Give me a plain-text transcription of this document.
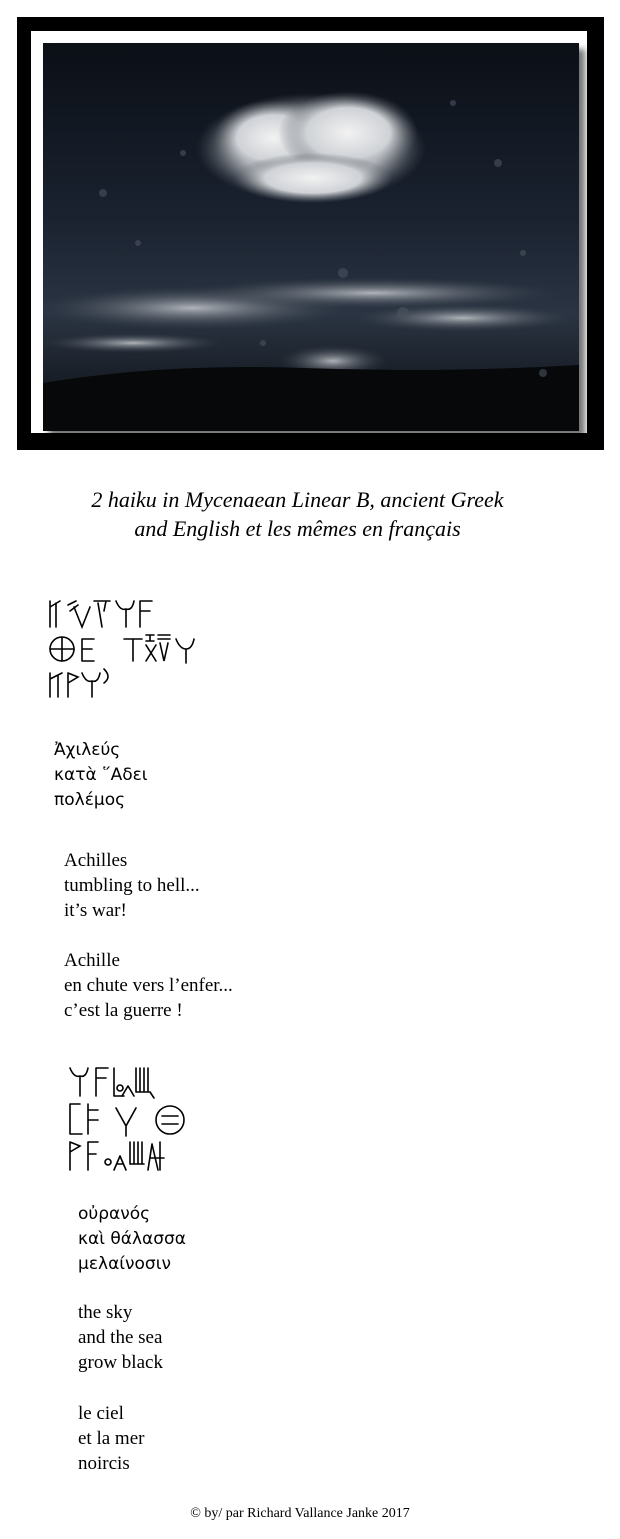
2 haiku in Mycenaean Linear B, ancient Greek
and English et les mêmes en français
Ἀχιλεύς
κατὰ ῞Αδει
πολέμος
Achilles
tumbling to hell...
it’s war!
Achille
en chute vers l’enfer...
c’est la guerre !
οὐρανός
καὶ θάλασσα
μελαίνοσιν
the sky
and the sea
grow black
le ciel
et la mer
noircis
© by/ par Richard Vallance Janke 2017
